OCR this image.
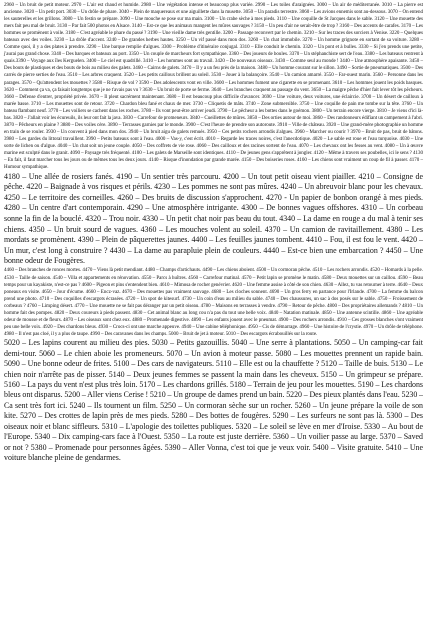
2960 – Un bruit de petit moteur. 2970 – L'air est chaud et humide. 2980 – Une végétation intense et beaucoup plus variée. 2990 – Les toiles d'araignées. 3000 – Un air de méditerranée. 3010 – La pierre est ancienne. 3020 – Un petit port. 3030 – Un drôle de phare. 3040 – Plein de maquereaux et une aiguillette dans la musette. 3050 – Un paradis terrestre. 3060 – Les avions ennemis sont au-dessous. 3070 – On entend les sauterelles et les grillons. 3080 – Un festin se prépare. 3090 – Une mouche se pose sur ma main. 3100 – Un crabe sèche à mes pieds. 3110 – Une coquille de St Jacques dans le sable. 3120 – Une mouette des mers fait peu mal de bruit. 3130 – Par fait 500 photos en Alsace. 3140 – Est-ce que les animaux mangent les mûres sauvages ? 3150 – Un peu d'air ne serait-être de trop ? 3160 – Des accents de carafes. 3170 – Les hommes se promènent à voile. 3180 – C'est agréable le phare du passé ? 3190 – Une vieille dame très gentille. 3200 – Passage reconvert par le chemin. 3210 – Sur les traces des sorciers à Venise. 3220 – Quelques bateaux avec des voiles. 3230 – La drôle d'accent. 3240 – De grandes herbes hautes. 3250 – Un vif passé dans mon dos. 3260 – Un chat immobile. 3270 – Un homme grignote en sortant de sa voiture. 3280 – Comme quoi, il y a des plates à prendre. 3290 – Une barque remplie d'algues. 3300 – Problème d'itinéraire conjugal. 3310 – Elle conduit le chemin. 3320 – Un pont et à bulles. 3330 – Si j'en prends une petite, j'aurai pas grand chose. 3340 – Des barques et bateaux au port. 3350 – Un couple de marcheurs fort sympathique. 3360 – Des joueurs de boules. 3370 – Un stéphanchiste sert de l'eau. 3380 – Les bateaux rentrent à quais.3390 – Voyage aux îles Kerguelen. 3400 – Le ciel est quadrillé. 3410 – Les hommes sont au travail. 3420 – De nouveaux oiseaux. 3430 – Comme seul au monde ! 3440 – Une atmosphère apaisante. 3450 – Des bouts de plastiques et des bouts de bois au milieu des galets. 3460 – Cairns de galets. 3470 – Il y a un feu près de la maison. 3480 – Un homme courant sur le sillon. 3490 – Sortie de pneumatiques. 3500 – Des carrés de pierre serties de l'eau. 3510 – Les arbres craquent. 3520 – Les petits cailloux brillent au soleil. 3530 – Jouer à la balançoire. 3540 – Un camion amarré. 3550 – Far-ouest marin. 3560 – Personne dans les parages. 3570 – Qu'attendent les mouettes ? 3580 – Risque de vol ? 3590 – Des adolescents vont en ville. 3600 – Les hommes fument une cigarette en se promenant. 3610 – Les hommes jouent les poids basques. 3620 – Comment ça va, ça faisait longtemps que je ne t'avais pas vu ? 3630 – Un bruit de porte se ferme. 3640 – Les branches craquent au passage du vent. 3650 – La maigre pêche d'hier fait lever tôt les pêcheurs. 3660 – Défense d'entrer, propriété privée. 3670 – Il pleut sacrément maintenant. 3680 – Il est beaucoup plus difficile d'avancer. 3690 – Une voiture, deux voitures, une éclaircie. 3700 – Un désert de cailloux à marée basse. 3710 – Les mouettes sont de retour. 3720 – Chardon bleu fané et chaux de mer. 3730 – Cliquetis de mâts. 3740 – Zone submersible. 3750 – Une coquille de pain me tombe sur la tête. 3760 – Un bateau flambant neuf. 3770 – Les voiliers se cachent dans les roches. 3780 – Ils vont peut-être arriver jeudi. 3790 – Le pêcheur a les bottes dans le goémon. 3800 – Un terrain encore vierge. 3810 – Je viens d'ici là-bas. 3820 – J'allait voir les écureuils, ils leur ont fait la java. 3830 – Carrefour de promeneurs. 3840 – Cueillettes de mûres. 3850 – Des orties autour de moi. 3860 – Des randonneurs édifiant un campement à l'abri. 3870 – Pêcheurs en plaine ? 3880 – Des voiles cère. 3890 – Terrasses garnies par le monde. 3900 – C'est l'heure de prendre son autoroute. 3910 – Ville de château. 3920 – Une grand-mère photographie un homme en train de se rouler. 3930 – Un couvent à pied dans mon dos. 3940 – Un bruit aigu de galets remués. 3950 – Ces petits rochers arrondis à'algues. 3960 – Marcher ou courir ? 3970 – Bruit de pas, bruit de bâtons. 3980 – Les gardes du littoral travaillent. 3990 – Petits bateaux sont à l'eau. 4000 – Vas-y, c'est écrit. 4010 – Regarde les traces noires, c'est l'anecdotique. 4020 – Le sable est roue et l'eau turquoise. 4030 – Une sorte de lichen ou d'algue. 4040 – Un chat soit un jeune couple. 4050 – Des coffrets de vie rose. 4060 – Des cailloux et des racines sortent de l'eau. 4070 – Les chevaux ont les fesses au vent. 4080 – Un à œuvre marine est sculpté dans le granit. 4090 – Paysage très fréquenté. 4100 – Les galets de Marseille sont identiques. 4110 – De jeunes gens s'apprêtent à jongler. 4120 – Même à travers ses poubelles, ici le sens ? 4130 – En fait, il faut marcher tous les jours ou de mêmes tous les deux jours. 4140 – Risque d'inondation par grande marée. 4150 – Des boiseries roses. 4160 – Les chiens sont vraiment un coup de fil à passer. 4170 – Humour sympathique.

4180 – Une allée de rosiers fanés. 4190 – Un sentier très parcouru. 4200 – Un tout petit oiseau vient piailler. 4210 – Consigne de pêche. 4220 – Baignade à vos risques et périls. 4230 – Les pommes ne sont pas mûres. 4240 – Un abreuvoir blanc pour les chevaux. 4250 – Le territoire des corneilles. 4260 – Des bruits de discussion s'approchent. 4270 - Un papier de bonbon orangé à mes pieds. 4280 – Un centre d'art contemporain. 4290 – Une atmosphère intrigante. 4300 – De bonnes vagues offshores. 4310 – Un corbeau sonne la fin de la bouclé. 4320 – Trou noir. 4330 – Un petit chat noir pas beau du tout. 4340 – La dame en rouge a du mal à tenir ses chiens. 4350 – Un bruit sourd de vagues. 4360 – Les mouches volent au soleil. 4370 – Un camion de ravitaillement. 4380 – Les mordats se promènent. 4390 – Plein de pâquerettes jaunes. 4400 – Les feuilles jaunes tombent. 4410 – Fou, il est fou le vent. 4420 – Un mur, c'est long à construire ? 4430 – La dame au parapluie plein de couleurs. 4440 – Est-ce bien une embarcation ? 4450 – Une bonne odeur de Fougères.

4460 – Des branches de ronces mortes. 4470 – Viens là petit mendiant. 4480 – Champs d'artichauts. 4490 – Les chiens aboient. 4500 – Un cormoran pêche. 4510 – Les rochers arrondis. 4520 – Homards à la pelle. 4530 – Taille de saison. 4540 – Villa et appartements en rénovation. 4550 – Parcs à huîtres. 4560 – Carrefour matinal. 4570 – Petit lapin se promène le matin. 4580 – Deux mouettes sur un caillou. 4590 – Beau temps pour un kayakiste, n'est-ce pas ? 4600 – Pigeon et pins s'entendent bien. 4610 – Mimosa de rocher genévrier. 4620 – Une femme assise à côté de son chien. 4630 – Allez, tu vas retourner à terre. 4640 – Deux poneaux en visite. 4650 – Jour d'écume. 4660 – Encz-vaz. 4670 – Des mouettes pas vraiment sauvage. 4680 – Les cloches sonnent. 4690 – Un gros ferry en partance pour l'Irlande. 4700 – La femme du balcon prend une photo. 4710 – Des coquilles d'escargots écrasées. 4720 – Un spot de kitesurf. 4730 – Un coin d'eau au milieu du sable. 4740 – Des chaussures, un sac à dos posés sur le sable. 4750 – Froissement de corbeaux ? 4760 – Limping désert. 4770 – Une mouette ne se fait pas déranger par un petit oiseau. 4780 – Maisons en terrasses à vendre. 4790 – Retour de pêche. 4800 – Des propriétaires allemands ? 4810 – Un homme fait des pompes. 4820 – Deux coureurs à pieds passent. 4830 – Cet animal blanc au long cou n'a pas du tout une belle voix. 4840 – Natation matinale. 4850 – Une antenne scintille. 4860 – Une agréable odeur de mousse et de fleurs. 4870 – Les oiseaux sont chez eux. 4880 – Promenade digestive. 4890 – Les enfants jouent avec le pneumat. 4900 – Des rochers arrondis. 4910 – Ces grosses blanches s'ont vraiment peu une belle voix. 4920 – Des chardons bleus. 4930 – Crocs-ci ont une marche appeuve. 4940 – Une cabine téléphonique. 4950 – Cis de démarrage. 4960 – Une histoire de l'crystie. 4970 – Un drôle de téléphone. 4980 – Il n'est pas cloé, il y a plus de taupe. 4990 – Des caravanes dans les champs. 5000 – Bruit de jet à moteur. 5010 – Des escargots écrabouillés sur la route.

5020 – Les lapins courent au milieu des pies. 5030 – Petits gazouillis. 5040 – Une serre à plantations. 5050 – Un camping-car fait demi-tour. 5060 – Le chien aboie les promeneurs. 5070 – Un avion à moteur passe. 5080 – Les mouettes prennent un rapide bain. 5090 – Une bonne odeur de frites. 5100 – Des cars de navigateurs. 5110 – Elle est ou la chauffette ? 5120 – Taille de buis. 5130 – Le chien noir n'arrête pas de pisser. 5140 – Deux jeunes femmes se passent la main dans les cheveux. 5150 – Un grimpeur se prépare. 5160 – La pays du vent n'est plus très loin. 5170 – Les chardons grillés. 5180 – Terrain de jeu pour les mouettes. 5190 – Les chardons bleus ont disparus. 5200 – Aller viens Cerise ! 5210 – Un groupe de dames prend un bain. 5220 – Des pieux plantés dans l'eau. 5230 – Ca sent très fort ici. 5240 – Ils tournent un film. 5250 – Un cormoran sèche sur un rocher. 5260 – Un jeune prépare la voile de son kite. 5270 – Des crottes de lapin près de mes pieds. 5280 – Des bottes de fougères. 5290 – Les surfeurs ne sont pas là. 5300 – Des oiseaux noir et blanc siffleurs. 5310 – L'apologie des toilettes publiques. 5320 – Le soleil se lève en mer d'Iroise. 5330 – Au bout de l'Europe. 5340 – Dix camping-cars face à l'Ouest. 5350 – La route est juste derrière. 5360 – Un voilier passe au large. 5370 – Saved or not ? 5380 – Promenade pour personnes âgées. 5390 – Aller Vonna, c'est toi que je veux voir. 5400 – Visite gratuite. 5410 – Une voiture blanche pleine de gendarmes.
